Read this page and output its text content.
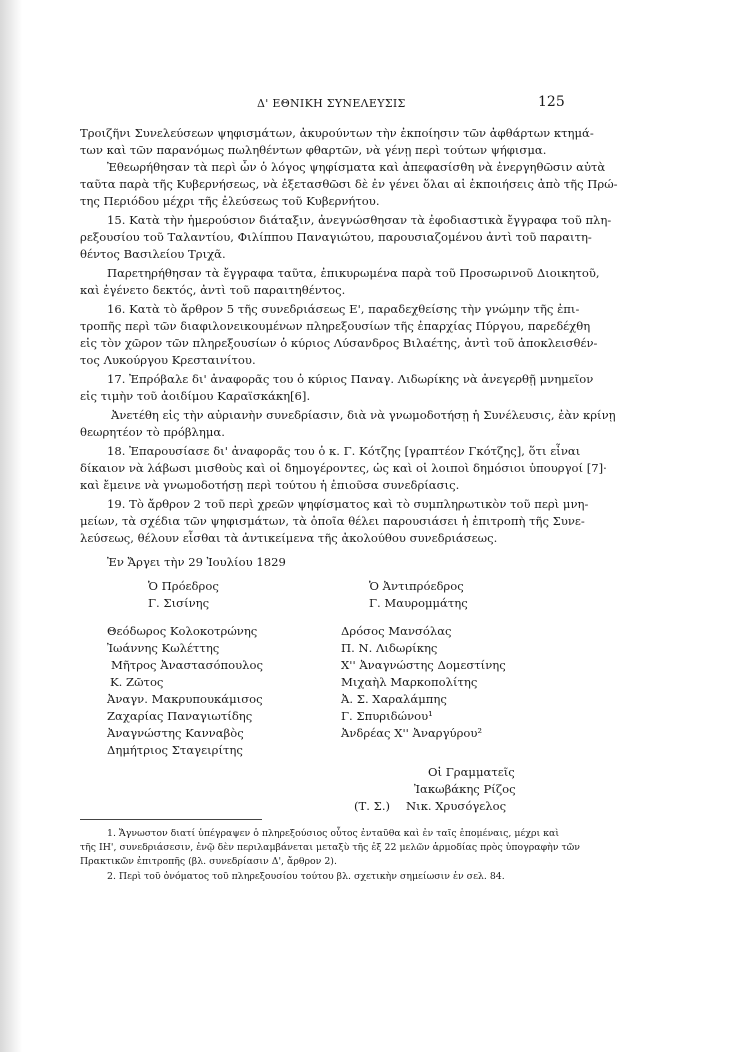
Δ' ΕΘΝΙΚΗ ΣΥΝΕΛΕΥΣΙΣ	125
Τροιζῆνι Συνελεύσεων ψηφισμάτων, ἀκυρούντων τὴν ἐκποίησιν τῶν ἀφθάρτων κτημά-
των καὶ τῶν παρανόμως πωληθέντων φθαρτῶν, νὰ γένῃ περὶ τούτων ψήφισμα.
Ἐθεωρήθησαν τὰ περὶ ὧν ὁ λόγος ψηφίσματα καὶ ἀπεφασίσθη νὰ ἐνεργηθῶσιν αὐτὰ
ταῦτα παρὰ τῆς Κυβερνήσεως, νὰ ἐξετασθῶσι δὲ ἐν γένει ὅλαι αἱ ἐκποιήσεις ἀπὸ τῆς Πρώ-
της Περιόδου μέχρι τῆς ἐλεύσεως τοῦ Κυβερνήτου.
15. Κατὰ τὴν ἡμερούσιον διάταξιν, ἀνεγνώσθησαν τὰ ἐφοδιαστικὰ ἔγγραφα τοῦ πλη-
ρεξουσίου τοῦ Ταλαντίου, Φιλίππου Παναγιώτου, παρουσιαζομένου ἀντὶ τοῦ παραιτη-
θέντος Βασιλείου Τριχᾶ.
Παρετηρήθησαν τὰ ἔγγραφα ταῦτα, ἐπικυρωμένα παρὰ τοῦ Προσωρινοῦ Διοικητοῦ,
καὶ ἐγένετο δεκτός, ἀντὶ τοῦ παραιτηθέντος.
16. Κατὰ τὸ ἄρθρον 5 τῆς συνεδριάσεως Ε', παραδεχθείσης τὴν γνώμην τῆς ἐπι-
τροπῆς περὶ τῶν διαφιλονεικουμένων πληρεξουσίων τῆς ἐπαρχίας Πύργου, παρεδέχθη
εἰς τὸν χῶρον τῶν πληρεξουσίων ὁ κύριος Λύσανδρος Βιλαέτης, ἀντὶ τοῦ ἀποκλεισθέν-
τος Λυκούργου Κρεσταινίτου.
17. Ἐπρόβαλε δι' ἀναφορᾶς του ὁ κύριος Παναγ. Λιδωρίκης νὰ ἀνεγερθῇ μνημεῖον
εἰς τιμὴν τοῦ ἀοιδίμου Καραϊσκάκη[6].
Ἀνετέθη εἰς τὴν αὐριανὴν συνεδρίασιν, διὰ νὰ γνωμοδοτήσῃ ἡ Συνέλευσις, ἐὰν κρίνῃ
θεωρητέον τὸ πρόβλημα.
18. Ἐπαρουσίασε δι' ἀναφορᾶς του ὁ κ. Γ. Κότζης [γραπτέον Γκότζης], ὅτι εἶναι
δίκαιον νὰ λάβωσι μισθοὺς καὶ οἱ δημογέροντες, ὡς καὶ οἱ λοιποὶ δημόσιοι ὑπουργοί [7]·
καὶ ἔμεινε νὰ γνωμοδοτήσῃ περὶ τούτου ἡ ἐπιοῦσα συνεδρίασις.
19. Τὸ ἄρθρον 2 τοῦ περὶ χρεῶν ψηφίσματος καὶ τὸ συμπληρωτικὸν τοῦ περὶ μνη-
μείων, τὰ σχέδια τῶν ψηφισμάτων, τὰ ὁποῖα θέλει παρουσιάσει ἡ ἐπιτροπὴ τῆς Συνε-
λεύσεως, θέλουν εἶσθαι τὰ ἀντικείμενα τῆς ἀκολούθου συνεδριάσεως.
Ἐν Ἄργει τὴν 29 Ἰουλίου 1829
Ὁ Πρόεδρος
Γ. Σισίνης
Ὁ Ἀντιπρόεδρος
Γ. Μαυρομμάτης
Θεόδωρος Κολοκοτρώνης
Ἰωάννης Κωλέττης
Μῆτρος Ἀναστασόπουλος
Κ. Ζῶτος
Ἀναγν. Μακρυπουκάμισος
Ζαχαρίας Παναγιωτίδης
Ἀναγνώστης Κανναβὸς
Δημήτριος Σταγειρίτης
Δρόσος Μανσόλας
Π. Ν. Λιδωρίκης
Χ'' Ἀναγνώστης Δομεστίνης
Μιχαὴλ Μαρκοπολίτης
Ἀ. Σ. Χαραλάμπης
Γ. Σπυριδώνου¹
Ἀνδρέας Χ'' Ἀναργύρου²
Οἱ Γραμματεῖς
Ἰακωβάκης Ρίζος
(Τ. Σ.) Νικ. Χρυσόγελος
1. Ἄγνωστον διατί ὑπέγραψεν ὁ πληρεξούσιος οὗτος ἐνταῦθα καὶ ἐν ταῖς ἑπομέναις, μέχρι καὶ
τῆς ΙΗ', συνεδριάσεσιν, ἐνῷ δὲν περιλαμβάνεται μεταξὺ τῆς ἐξ 22 μελῶν ἁρμοδίας πρὸς ὑπογραφὴν τῶν
Πρακτικῶν ἐπιτροπῆς (βλ. συνεδρίασιν Δ', ἄρθρον 2).
2. Περὶ τοῦ ὀνόματος τοῦ πληρεξουσίου τούτου βλ. σχετικὴν σημείωσιν ἐν σελ. 84.
